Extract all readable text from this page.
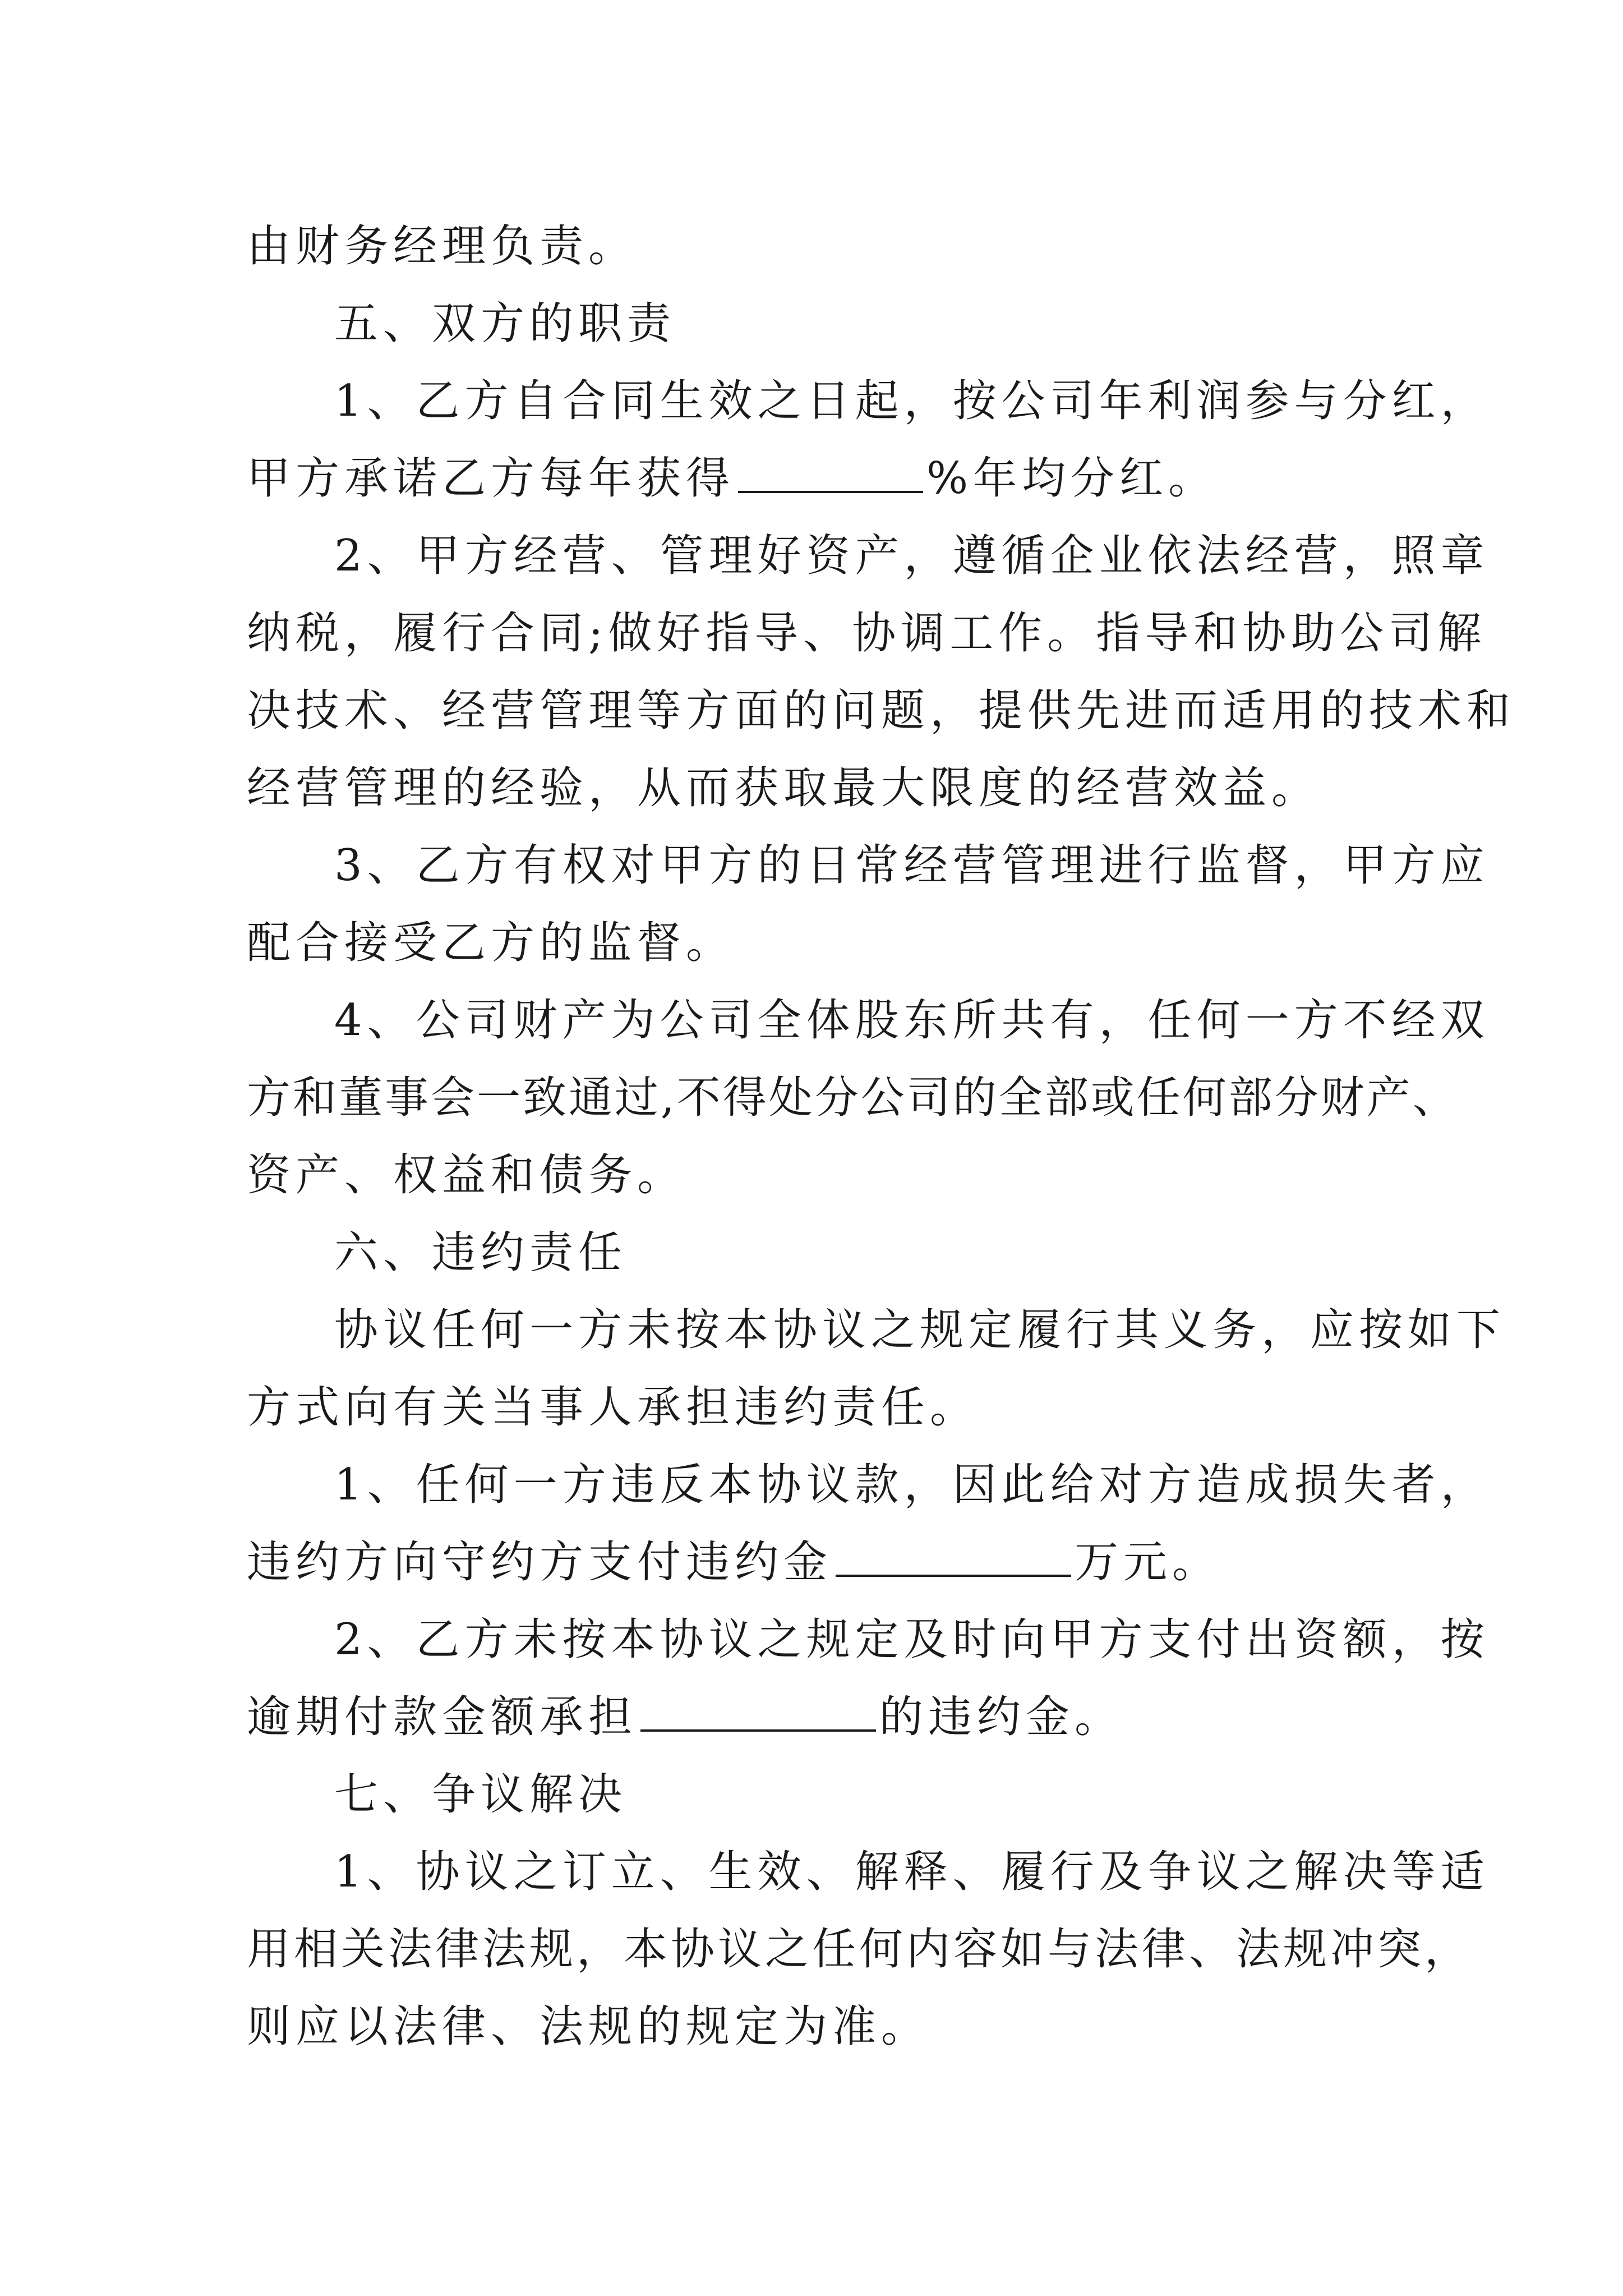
由财务经理负责。
五、双方的职责
1、乙方自合同生效之日起，按公司年利润参与分红，
甲方承诺乙方每年获得	%年均分红。
2、甲方经营、管理好资产，遵循企业依法经营，照章
纳税，履行合同;做好指导、协调工作。指导和协助公司解
决技术、经营管理等方面的问题，提供先进而适用的技术和
经营管理的经验，从而获取最大限度的经营效益。
3、乙方有权对甲方的日常经营管理进行监督，甲方应
配合接受乙方的监督。
4、公司财产为公司全体股东所共有，任何一方不经双
方和董事会一致通过,不得处分公司的全部或任何部分财产、
资产、权益和债务。
六、违约责任
协议任何一方未按本协议之规定履行其义务，应按如下
方式向有关当事人承担违约责任。
1、任何一方违反本协议款，因此给对方造成损失者，
违约方向守约方支付违约金	万元。
2、乙方未按本协议之规定及时向甲方支付出资额，按
逾期付款金额承担	的违约金。
七、争议解决
1、协议之订立、生效、解释、履行及争议之解决等适
用相关法律法规，本协议之任何内容如与法律、法规冲突，
则应以法律、法规的规定为准。
